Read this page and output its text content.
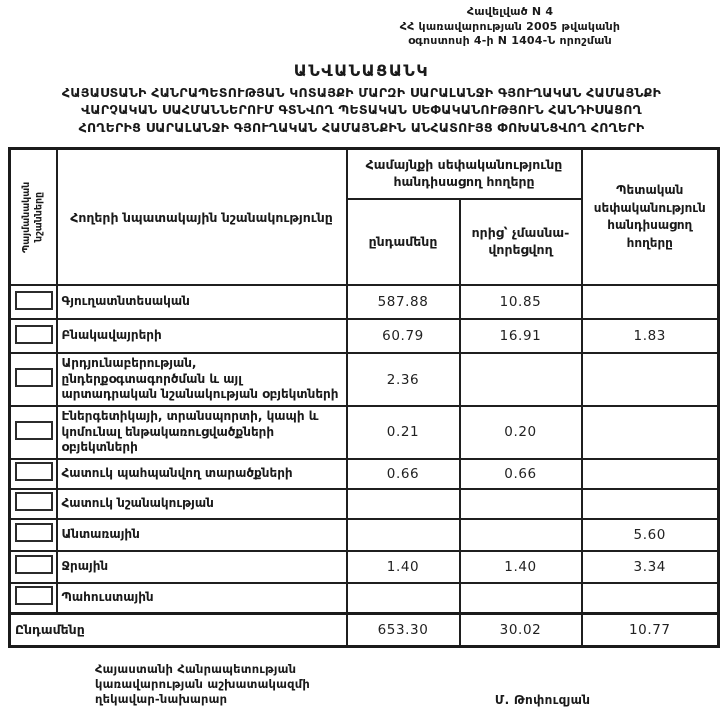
Հավելված N 4
ՀՀ կառավարության 2005 թվականի
օգոստոսի 4-ի N 1404-Ն որոշման
ԱՆՎԱՆԱՑԱՆԿ
ՀԱՅԱՍՏԱՆԻ ՀԱՆՐԱՊԵՏՈՒԹՅԱՆ ԿՈՏԱՅՔԻ ՄԱՐԶԻ ՍԱՐԱԼԱՆՋԻ ԳՅՈՒՂԱԿԱՆ ՀԱՄԱՅՆՔԻ
ՎԱՐՉԱԿԱՆ ՍԱՀՄԱՆՆԵՐՈՒՄ ԳՏՆՎՈՂ ՊԵՏԱԿԱՆ ՍԵՓԱԿԱՆՈՒԹՅՈՒՆ ՀԱՆԴԻՍԱՑՈՂ
ՀՈՂԵՐԻՑ ՍԱՐԱԼԱՆՋԻ ԳՅՈՒՂԱԿԱՆ ՀԱՄԱՅՆՔԻՆ ԱՆՀԱՏՈՒՅՑ ՓՈԽԱՆՑՎՈՂ ՀՈՂԵՐԻ
Պայմանական նշանները	Հողերի նպատակային նշանակությունը	Համայնքի սեփականությունը հանդիսացող հողերը		Պետական սեփականություն հանդիսացող հողերը
		ընդամենը	որից՝ չմասնավորեցվող	
	Գյուղատնտեսական	587.88	10.85	
	Բնակավայրերի	60.79	16.91	1.83
	Արդյունաբերության, ընդերքօգտագործման և այլ արտադրական նշանակության օբյեկտների	2.36		
	Էներգետիկայի, տրանսպորտի, կապի և կոմունալ ենթակառուցվածքների օբյեկտների	0.21	0.20	
	Հատուկ պահպանվող տարածքների	0.66	0.66	
	Հատուկ նշանակության			
	Անտառային			5.60
	Ջրային	1.40	1.40	3.34
	Պահուստային			
Ընդամենը		653.30	30.02	10.77
Հայաստանի Հանրապետության
կառավարության աշխատակազմի
ղեկավար-նախարար	Մ. Թոփուզյան
